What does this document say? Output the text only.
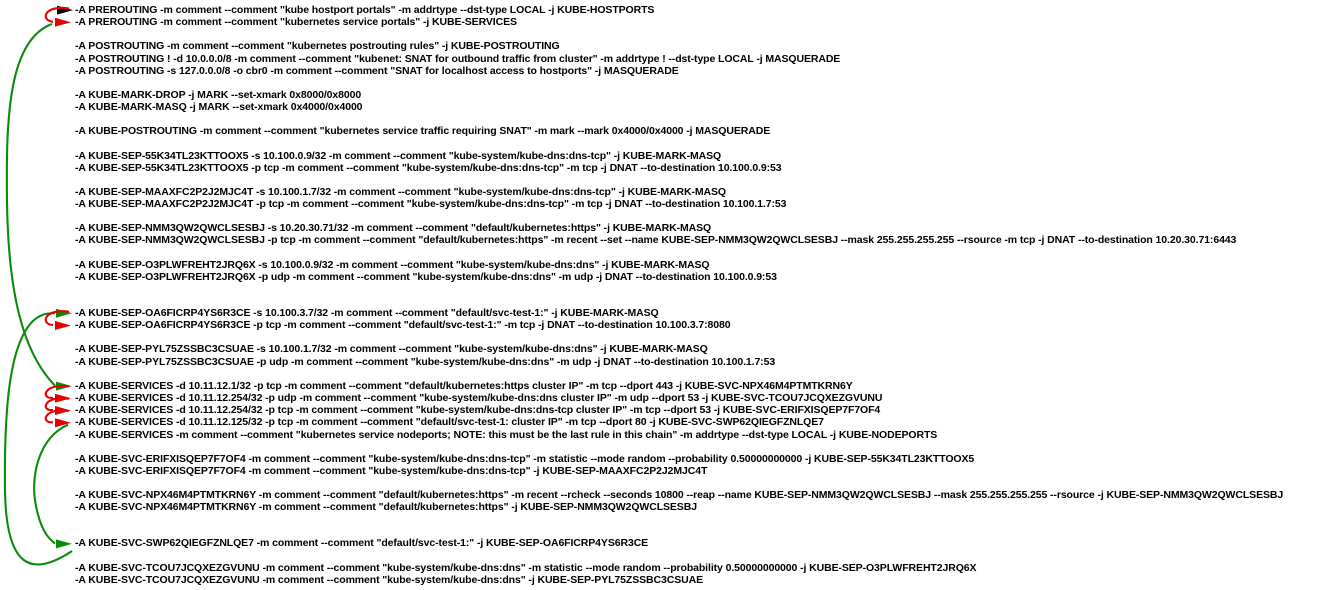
-A PREROUTING -m comment --comment "kube hostport portals" -m addrtype --dst-type LOCAL -j KUBE-HOSTPORTS
-A PREROUTING -m comment --comment "kubernetes service portals" -j KUBE-SERVICES
-A POSTROUTING -m comment --comment "kubernetes postrouting rules" -j KUBE-POSTROUTING
-A POSTROUTING ! -d 10.0.0.0/8 -m comment --comment "kubenet: SNAT for outbound traffic from cluster" -m addrtype ! --dst-type LOCAL -j MASQUERADE
-A POSTROUTING -s 127.0.0.0/8 -o cbr0 -m comment --comment "SNAT for localhost access to hostports" -j MASQUERADE
-A KUBE-MARK-DROP -j MARK --set-xmark 0x8000/0x8000
-A KUBE-MARK-MASQ -j MARK --set-xmark 0x4000/0x4000
-A KUBE-POSTROUTING -m comment --comment "kubernetes service traffic requiring SNAT" -m mark --mark 0x4000/0x4000 -j MASQUERADE
-A KUBE-SEP-55K34TL23KTTOOX5 -s 10.100.0.9/32 -m comment --comment "kube-system/kube-dns:dns-tcp" -j KUBE-MARK-MASQ
-A KUBE-SEP-55K34TL23KTTOOX5 -p tcp -m comment --comment "kube-system/kube-dns:dns-tcp" -m tcp -j DNAT --to-destination 10.100.0.9:53
-A KUBE-SEP-MAAXFC2P2J2MJC4T -s 10.100.1.7/32 -m comment --comment "kube-system/kube-dns:dns-tcp" -j KUBE-MARK-MASQ
-A KUBE-SEP-MAAXFC2P2J2MJC4T -p tcp -m comment --comment "kube-system/kube-dns:dns-tcp" -m tcp -j DNAT --to-destination 10.100.1.7:53
-A KUBE-SEP-NMM3QW2QWCLSESBJ -s 10.20.30.71/32 -m comment --comment "default/kubernetes:https" -j KUBE-MARK-MASQ
-A KUBE-SEP-NMM3QW2QWCLSESBJ -p tcp -m comment --comment "default/kubernetes:https" -m recent --set --name KUBE-SEP-NMM3QW2QWCLSESBJ --mask 255.255.255.255 --rsource -m tcp -j DNAT --to-destination 10.20.30.71:6443
-A KUBE-SEP-O3PLWFREHT2JRQ6X -s 10.100.0.9/32 -m comment --comment "kube-system/kube-dns:dns" -j KUBE-MARK-MASQ
-A KUBE-SEP-O3PLWFREHT2JRQ6X -p udp -m comment --comment "kube-system/kube-dns:dns" -m udp -j DNAT --to-destination 10.100.0.9:53
-A KUBE-SEP-OA6FICRP4YS6R3CE -s 10.100.3.7/32 -m comment --comment "default/svc-test-1:" -j KUBE-MARK-MASQ
-A KUBE-SEP-OA6FICRP4YS6R3CE -p tcp -m comment --comment "default/svc-test-1:" -m tcp -j DNAT --to-destination 10.100.3.7:8080
-A KUBE-SEP-PYL75ZSSBC3CSUAE -s 10.100.1.7/32 -m comment --comment "kube-system/kube-dns:dns" -j KUBE-MARK-MASQ
-A KUBE-SEP-PYL75ZSSBC3CSUAE -p udp -m comment --comment "kube-system/kube-dns:dns" -m udp -j DNAT --to-destination 10.100.1.7:53
-A KUBE-SERVICES -d 10.11.12.1/32 -p tcp -m comment --comment "default/kubernetes:https cluster IP" -m tcp --dport 443 -j KUBE-SVC-NPX46M4PTMTKRN6Y
-A KUBE-SERVICES -d 10.11.12.254/32 -p udp -m comment --comment "kube-system/kube-dns:dns cluster IP" -m udp --dport 53 -j KUBE-SVC-TCOU7JCQXEZGVUNU
-A KUBE-SERVICES -d 10.11.12.254/32 -p tcp -m comment --comment "kube-system/kube-dns:dns-tcp cluster IP" -m tcp --dport 53 -j KUBE-SVC-ERIFXISQEP7F7OF4
-A KUBE-SERVICES -d 10.11.12.125/32 -p tcp -m comment --comment "default/svc-test-1: cluster IP" -m tcp --dport 80 -j KUBE-SVC-SWP62QIEGFZNLQE7
-A KUBE-SERVICES -m comment --comment "kubernetes service nodeports; NOTE: this must be the last rule in this chain" -m addrtype --dst-type LOCAL -j KUBE-NODEPORTS
-A KUBE-SVC-ERIFXISQEP7F7OF4 -m comment --comment "kube-system/kube-dns:dns-tcp" -m statistic --mode random --probability 0.50000000000 -j KUBE-SEP-55K34TL23KTTOOX5
-A KUBE-SVC-ERIFXISQEP7F7OF4 -m comment --comment "kube-system/kube-dns:dns-tcp" -j KUBE-SEP-MAAXFC2P2J2MJC4T
-A KUBE-SVC-NPX46M4PTMTKRN6Y -m comment --comment "default/kubernetes:https" -m recent --rcheck --seconds 10800 --reap --name KUBE-SEP-NMM3QW2QWCLSESBJ --mask 255.255.255.255 --rsource -j KUBE-SEP-NMM3QW2QWCLSESBJ
-A KUBE-SVC-NPX46M4PTMTKRN6Y -m comment --comment "default/kubernetes:https" -j KUBE-SEP-NMM3QW2QWCLSESBJ
-A KUBE-SVC-SWP62QIEGFZNLQE7 -m comment --comment "default/svc-test-1:" -j KUBE-SEP-OA6FICRP4YS6R3CE
-A KUBE-SVC-TCOU7JCQXEZGVUNU -m comment --comment "kube-system/kube-dns:dns" -m statistic --mode random --probability 0.50000000000 -j KUBE-SEP-O3PLWFREHT2JRQ6X
-A KUBE-SVC-TCOU7JCQXEZGVUNU -m comment --comment "kube-system/kube-dns:dns" -j KUBE-SEP-PYL75ZSSBC3CSUAE
